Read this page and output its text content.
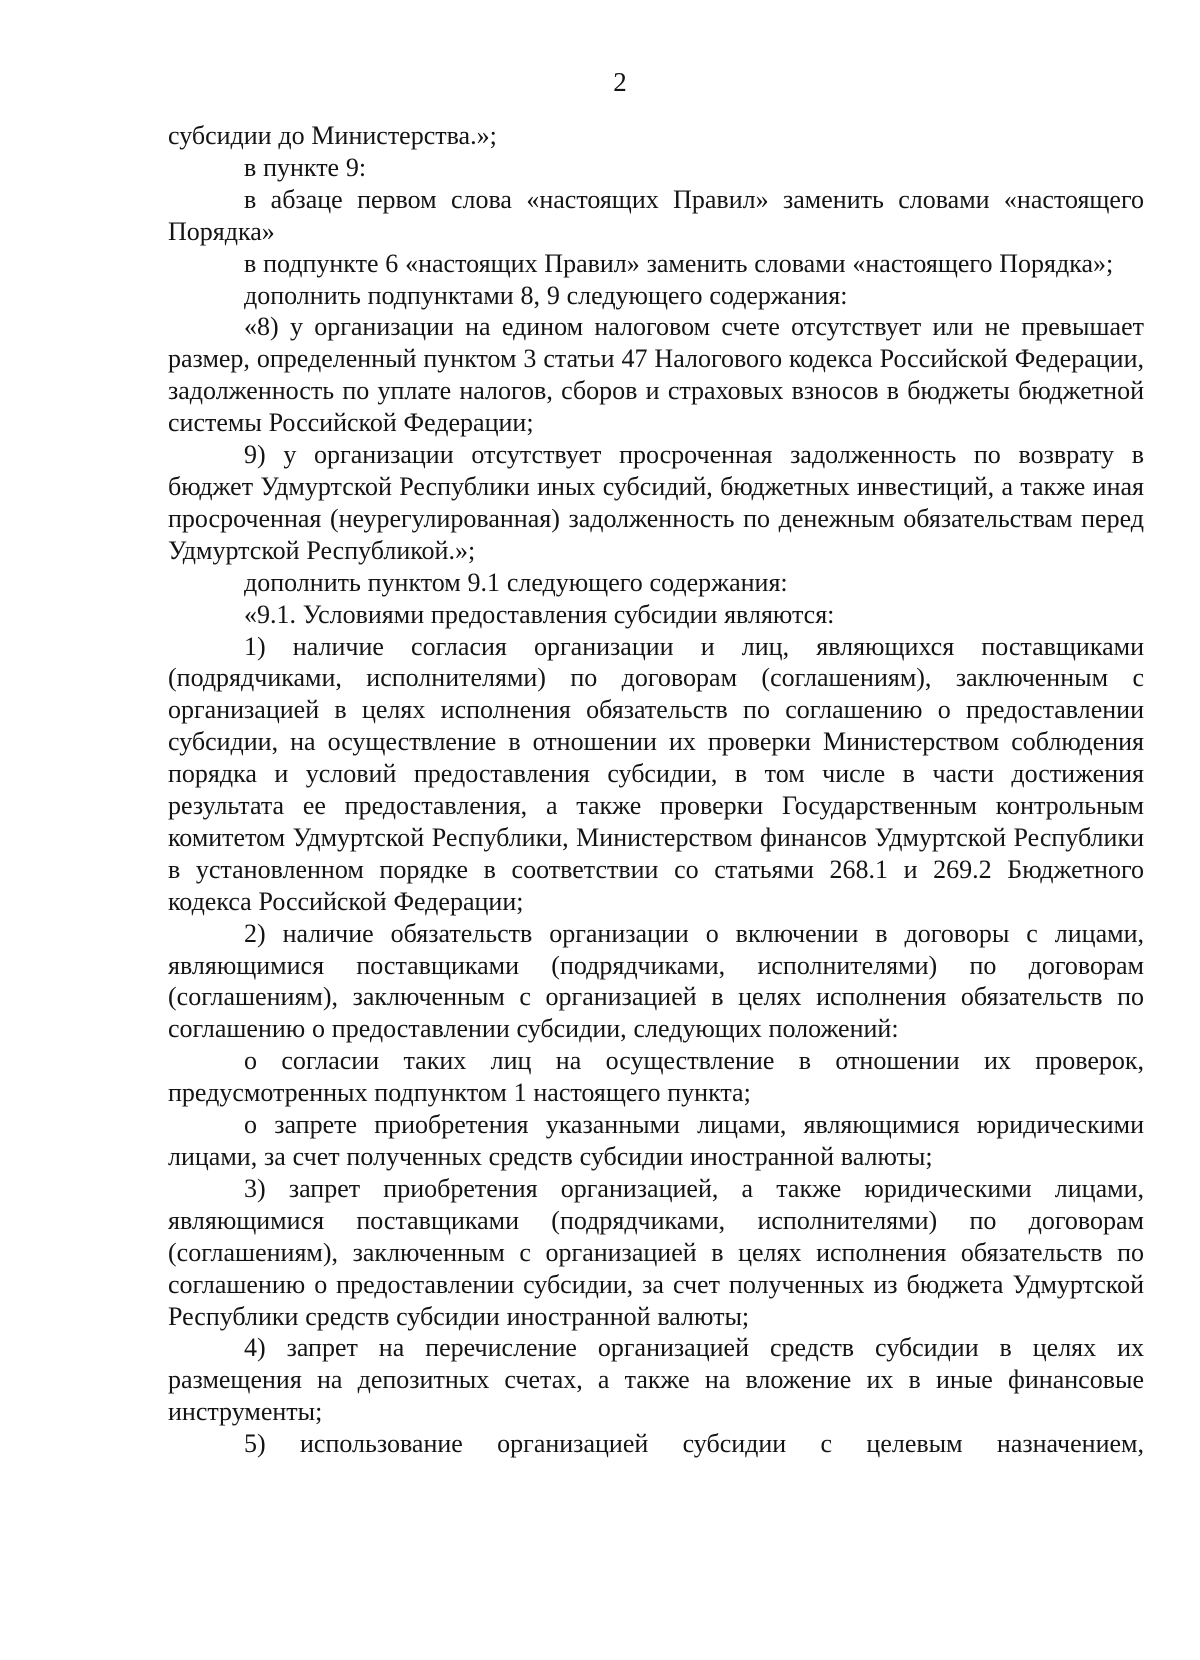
2

субсидии до Министерства.»;

в пункте 9:

в абзаце первом слова «настоящих Правил» заменить словами «настоящего Порядка»

в подпункте 6 «настоящих Правил» заменить словами «настоящего Порядка»;

дополнить подпунктами 8, 9 следующего содержания:

«8) у организации на едином налоговом счете отсутствует или не превышает размер, определенный пунктом 3 статьи 47 Налогового кодекса Российской Федерации, задолженность по уплате налогов, сборов и страховых взносов в бюджеты бюджетной системы Российской Федерации;

9) у организации отсутствует просроченная задолженность по возврату в бюджет Удмуртской Республики иных субсидий, бюджетных инвестиций, а также иная просроченная (неурегулированная) задолженность по денежным обязательствам перед Удмуртской Республикой.»;

дополнить пунктом 9.1 следующего содержания:

«9.1. Условиями предоставления субсидии являются:

1) наличие согласия организации и лиц, являющихся поставщиками (подрядчиками, исполнителями) по договорам (соглашениям), заключенным с организацией в целях исполнения обязательств по соглашению о предоставлении субсидии, на осуществление в отношении их проверки Министерством соблюдения порядка и условий предоставления субсидии, в том числе в части достижения результата ее предоставления, а также проверки Государственным контрольным комитетом Удмуртской Республики, Министерством финансов Удмуртской Республики в установленном порядке в соответствии со статьями 268.1 и 269.2 Бюджетного кодекса Российской Федерации;

2) наличие обязательств организации о включении в договоры с лицами, являющимися поставщиками (подрядчиками, исполнителями) по договорам (соглашениям), заключенным с организацией в целях исполнения обязательств по соглашению о предоставлении субсидии, следующих положений:

о согласии таких лиц на осуществление в отношении их проверок, предусмотренных подпунктом 1 настоящего пункта;

о запрете приобретения указанными лицами, являющимися юридическими лицами, за счет полученных средств субсидии иностранной валюты;

3) запрет приобретения организацией, а также юридическими лицами, являющимися поставщиками (подрядчиками, исполнителями) по договорам (соглашениям), заключенным с организацией в целях исполнения обязательств по соглашению о предоставлении субсидии, за счет полученных из бюджета Удмуртской Республики средств субсидии иностранной валюты;

4) запрет на перечисление организацией средств субсидии в целях их размещения на депозитных счетах, а также на вложение их в иные финансовые инструменты;

5) использование организацией субсидии с целевым назначением,
